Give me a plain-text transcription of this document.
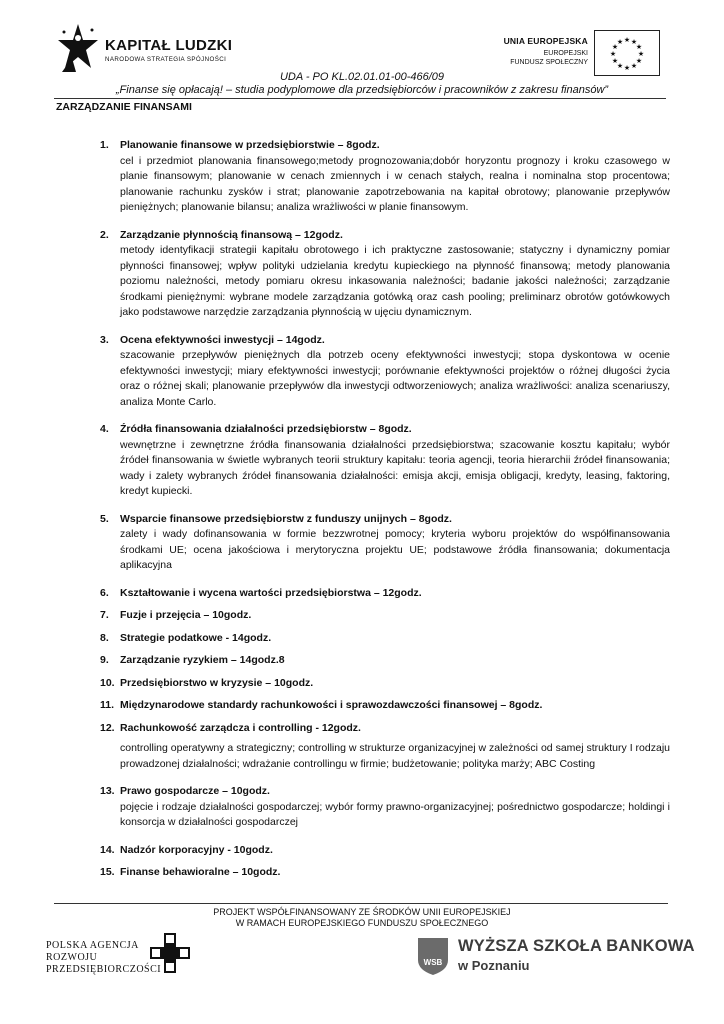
KAPITAŁ LUDZKI
NARODOWA STRATEGIA SPÓJNOŚCI
UNIA EUROPEJSKA
EUROPEJSKI
FUNDUSZ SPOŁECZNY
★ ★
★
★
★
★
★
★
★
★
★
★
UDA - PO KL.02.01.01-00-466/09
„Finanse się opłacają! – studia podyplomowe dla przedsiębiorców i pracowników z zakresu finansów”
ZARZĄDZANIE FINANSAMI
1. Planowanie finansowe w przedsiębiorstwie – 8godz.
cel i przedmiot planowania finansowego;metody prognozowania;dobór horyzontu prognozy i kroku czasowego w planie finansowym; planowanie w cenach zmiennych i w cenach stałych, realna i nominalna stop procentowa; planowanie rachunku zysków i strat; planowanie zapotrzebowania na kapitał obrotowy; planowanie przepływów pieniężnych; planowanie bilansu; analiza wrażliwości w planie finansowym.
2. Zarządzanie płynnością finansową – 12godz.
metody identyfikacji strategii kapitału obrotowego i ich praktyczne zastosowanie; statyczny i dynamiczny pomiar płynności finansowej; wpływ polityki udzielania kredytu kupieckiego na płynność finansową; metody planowania poziomu należności, metody pomiaru okresu inkasowania należności; badanie jakości należności; zarządzanie środkami pieniężnymi: wybrane modele zarządzania gotówką oraz cash pooling; preliminarz obrotów gotówkowych jako podstawowe narzędzie zarządzania płynnością w ujęciu dynamicznym.
3. Ocena efektywności inwestycji – 14godz.
szacowanie przepływów pieniężnych dla potrzeb oceny efektywności inwestycji; stopa dyskontowa w ocenie efektywności inwestycji; miary efektywności inwestycji; porównanie efektywności projektów o różnej długości życia oraz o różnej skali; planowanie przepływów dla inwestycji odtworzeniowych; analiza wrażliwości: analiza scenariuszy, analiza Monte Carlo.
4. Źródła finansowania działalności przedsiębiorstw – 8godz.
wewnętrzne i zewnętrzne źródła finansowania działalności przedsiębiorstwa; szacowanie kosztu kapitału; wybór źródeł finansowania w świetle wybranych teorii struktury kapitału: teoria agencji, teoria hierarchii źródeł finansowania; wady i zalety wybranych źródeł finansowania działalności: emisja akcji, emisja obligacji, kredyty, leasing, faktoring, kredyt kupiecki.
5. Wsparcie finansowe przedsiębiorstw z funduszy unijnych – 8godz.
zalety i wady dofinansowania w formie bezzwrotnej pomocy; kryteria wyboru projektów do współfinansowania środkami UE; ocena jakościowa i merytoryczna projektu UE; podstawowe źródła finansowania; dokumentacja aplikacyjna
6. Kształtowanie i wycena wartości przedsiębiorstwa – 12godz.
7. Fuzje i przejęcia – 10godz.
8. Strategie podatkowe - 14godz.
9. Zarządzanie ryzykiem – 14godz.8
10. Przedsiębiorstwo w kryzysie – 10godz.
11. Międzynarodowe standardy rachunkowości i sprawozdawczości finansowej – 8godz.
12. Rachunkowość zarządcza i controlling - 12godz.
controlling operatywny a strategiczny; controlling w strukturze organizacyjnej w zależności od samej struktury I rodzaju prowadzonej działalności; wdrażanie controllingu w firmie; budżetowanie; polityka marży; ABC Costing
13. Prawo gospodarcze – 10godz.
pojęcie i rodzaje działalności gospodarczej; wybór formy prawno-organizacyjnej; pośrednictwo gospodarcze; holdingi i konsorcja w działalności gospodarczej
14. Nadzór korporacyjny - 10godz.
15. Finanse behawioralne – 10godz.
PROJEKT WSPÓŁFINANSOWANY ZE ŚRODKÓW UNII EUROPEJSKIEJ
W RAMACH EUROPEJSKIEGO FUNDUSZU SPOŁECZNEGO
POLSKA AGENCJA
ROZWOJU
PRZEDSIĘBIORCZOŚCI
WSB
WYŻSZA SZKOŁA BANKOWA
w Poznaniu
